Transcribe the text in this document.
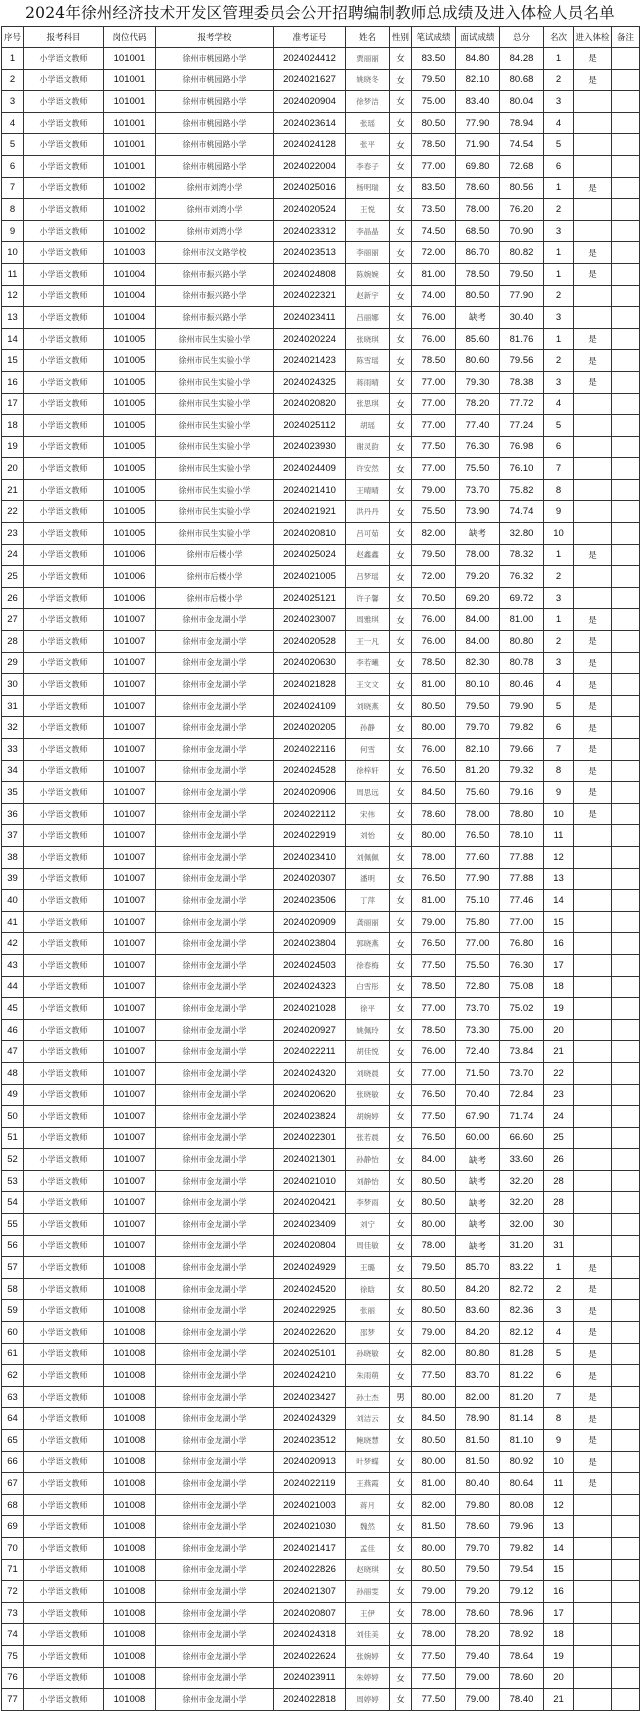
2024年徐州经济技术开发区管理委员会公开招聘编制教师总成绩及进入体检人员名单
序号	报考科目	岗位代码	报考学校	准考证号	姓名	性别	笔试成绩	面试成绩	总分	名次	进入体检	备注
1	小学语文教师	101001	徐州市桃园路小学	2024024412	贾丽丽	女	83.50	84.80	84.28	1	是	
2	小学语文教师	101001	徐州市桃园路小学	2024021627	姚晓冬	女	79.50	82.10	80.68	2	是	
3	小学语文教师	101001	徐州市桃园路小学	2024020904	徐梦洁	女	75.00	83.40	80.04	3		
4	小学语文教师	101001	徐州市桃园路小学	2024023614	张瑶	女	80.50	77.90	78.94	4		
5	小学语文教师	101001	徐州市桃园路小学	2024024128	张平	女	78.50	71.90	74.54	5		
6	小学语文教师	101001	徐州市桃园路小学	2024022004	李春子	女	77.00	69.80	72.68	6		
7	小学语文教师	101002	徐州市刘湾小学	2024025016	杨明瑞	女	83.50	78.60	80.56	1	是	
8	小学语文教师	101002	徐州市刘湾小学	2024020524	王悦	女	73.50	78.00	76.20	2		
9	小学语文教师	101002	徐州市刘湾小学	2024023312	李晶晶	女	74.50	68.50	70.90	3		
10	小学语文教师	101003	徐州市汉文路学校	2024023513	李丽丽	女	72.00	86.70	80.82	1	是	
11	小学语文教师	101004	徐州市振兴路小学	2024024808	陈婉婉	女	81.00	78.50	79.50	1	是	
12	小学语文教师	101004	徐州市振兴路小学	2024022321	赵新宇	女	74.00	80.50	77.90	2		
13	小学语文教师	101004	徐州市振兴路小学	2024023411	吕丽娜	女	76.00	缺考	30.40	3		
14	小学语文教师	101005	徐州市民生实验小学	2024020224	张晓琪	女	76.00	85.60	81.76	1	是	
15	小学语文教师	101005	徐州市民生实验小学	2024021423	陈雪瑶	女	78.50	80.60	79.56	2	是	
16	小学语文教师	101005	徐州市民生实验小学	2024024325	蒋雨晴	女	77.00	79.30	78.38	3	是	
17	小学语文教师	101005	徐州市民生实验小学	2024020820	张思琪	女	77.00	78.20	77.72	4		
18	小学语文教师	101005	徐州市民生实验小学	2024025112	胡瑶	女	77.00	77.40	77.24	5		
19	小学语文教师	101005	徐州市民生实验小学	2024023930	谢灵韵	女	77.50	76.30	76.98	6		
20	小学语文教师	101005	徐州市民生实验小学	2024024409	许安然	女	77.00	75.50	76.10	7		
21	小学语文教师	101005	徐州市民生实验小学	2024021410	王晴晴	女	79.00	73.70	75.82	8		
22	小学语文教师	101005	徐州市民生实验小学	2024021921	洪丹丹	女	75.50	73.90	74.74	9		
23	小学语文教师	101005	徐州市民生实验小学	2024020810	吕可茹	女	82.00	缺考	32.80	10		
24	小学语文教师	101006	徐州市后楼小学	2024025024	赵鑫鑫	女	79.50	78.00	78.32	1	是	
25	小学语文教师	101006	徐州市后楼小学	2024021005	吕梦瑶	女	72.00	79.20	76.32	2		
26	小学语文教师	101006	徐州市后楼小学	2024025121	许子馨	女	70.50	69.20	69.72	3		
27	小学语文教师	101007	徐州市金龙湖小学	2024023007	周雅琪	女	76.00	84.00	81.00	1	是	
28	小学语文教师	101007	徐州市金龙湖小学	2024020528	王一凡	女	76.00	84.00	80.80	2	是	
29	小学语文教师	101007	徐州市金龙湖小学	2024020630	李若曦	女	78.50	82.30	80.78	3	是	
30	小学语文教师	101007	徐州市金龙湖小学	2024021828	王文文	女	81.00	80.10	80.46	4	是	
31	小学语文教师	101007	徐州市金龙湖小学	2024024109	刘晓燕	女	80.50	79.50	79.90	5	是	
32	小学语文教师	101007	徐州市金龙湖小学	2024020205	孙静	女	80.00	79.70	79.82	6	是	
33	小学语文教师	101007	徐州市金龙湖小学	2024022116	何雪	女	76.00	82.10	79.66	7	是	
34	小学语文教师	101007	徐州市金龙湖小学	2024024528	徐梓轩	女	76.50	81.20	79.32	8	是	
35	小学语文教师	101007	徐州市金龙湖小学	2024020906	周思远	女	84.50	75.60	79.16	9	是	
36	小学语文教师	101007	徐州市金龙湖小学	2024022112	宋伟	女	78.60	78.00	78.80	10	是	
37	小学语文教师	101007	徐州市金龙湖小学	2024022919	刘怡	女	80.00	76.50	78.10	11		
38	小学语文教师	101007	徐州市金龙湖小学	2024023410	刘佩佩	女	78.00	77.60	77.88	12		
39	小学语文教师	101007	徐州市金龙湖小学	2024020307	潘明	女	76.50	77.90	77.88	13		
40	小学语文教师	101007	徐州市金龙湖小学	2024023506	丁萍	女	81.00	75.10	77.46	14		
41	小学语文教师	101007	徐州市金龙湖小学	2024020909	龚丽丽	女	79.00	75.80	77.00	15		
42	小学语文教师	101007	徐州市金龙湖小学	2024023804	郭晓燕	女	76.50	77.00	76.80	16		
43	小学语文教师	101007	徐州市金龙湖小学	2024024503	徐春梅	女	77.50	75.50	76.30	17		
44	小学语文教师	101007	徐州市金龙湖小学	2024024323	白雪彤	女	78.50	72.80	75.08	18		
45	小学语文教师	101007	徐州市金龙湖小学	2024021028	徐平	女	77.00	73.70	75.02	19		
46	小学语文教师	101007	徐州市金龙湖小学	2024020927	姚佩玲	女	78.50	73.30	75.00	20		
47	小学语文教师	101007	徐州市金龙湖小学	2024022211	胡佳悦	女	76.00	72.40	73.84	21		
48	小学语文教师	101007	徐州市金龙湖小学	2024024320	刘晓晨	女	77.00	71.50	73.70	22		
49	小学语文教师	101007	徐州市金龙湖小学	2024020620	张晓敏	女	76.50	70.40	72.84	23		
50	小学语文教师	101007	徐州市金龙湖小学	2024023824	胡婉婷	女	77.50	67.90	71.74	24		
51	小学语文教师	101007	徐州市金龙湖小学	2024022301	张若晨	女	76.50	60.00	66.60	25		
52	小学语文教师	101007	徐州市金龙湖小学	2024021301	孙静怡	女	84.00	缺考	33.60	26		
53	小学语文教师	101007	徐州市金龙湖小学	2024021010	刘静怡	女	80.50	缺考	32.20	28		
54	小学语文教师	101007	徐州市金龙湖小学	2024020421	李梦雨	女	80.50	缺考	32.20	28		
55	小学语文教师	101007	徐州市金龙湖小学	2024023409	刘宁	女	80.00	缺考	32.00	30		
56	小学语文教师	101007	徐州市金龙湖小学	2024020804	周佳敏	女	78.00	缺考	31.20	31		
57	小学语文教师	101008	徐州市金龙湖小学	2024024929	王璐	女	79.50	85.70	83.22	1	是	
58	小学语文教师	101008	徐州市金龙湖小学	2024024520	徐晗	女	80.50	84.20	82.72	2	是	
59	小学语文教师	101008	徐州市金龙湖小学	2024022925	张丽	女	80.50	83.60	82.36	3	是	
60	小学语文教师	101008	徐州市金龙湖小学	2024022620	邵梦	女	79.00	84.20	82.12	4	是	
61	小学语文教师	101008	徐州市金龙湖小学	2024025101	孙晓敏	女	82.00	80.80	81.28	5	是	
62	小学语文教师	101008	徐州市金龙湖小学	2024024210	朱雨萌	女	77.50	83.70	81.22	6	是	
63	小学语文教师	101008	徐州市金龙湖小学	2024023427	孙士杰	男	80.00	82.00	81.20	7	是	
64	小学语文教师	101008	徐州市金龙湖小学	2024024329	刘洁云	女	84.50	78.90	81.14	8	是	
65	小学语文教师	101008	徐州市金龙湖小学	2024023512	鲍晓慧	女	80.50	81.50	81.10	9	是	
66	小学语文教师	101008	徐州市金龙湖小学	2024020913	叶梦蝶	女	80.00	81.50	80.92	10	是	
67	小学语文教师	101008	徐州市金龙湖小学	2024022119	王燕霞	女	81.00	80.40	80.64	11	是	
68	小学语文教师	101008	徐州市金龙湖小学	2024021003	蒋月	女	82.00	79.80	80.08	12		
69	小学语文教师	101008	徐州市金龙湖小学	2024021030	魏然	女	81.50	78.60	79.96	13		
70	小学语文教师	101008	徐州市金龙湖小学	2024021417	孟佳	女	80.00	79.70	79.82	14		
71	小学语文教师	101008	徐州市金龙湖小学	2024022826	赵晓琪	女	80.50	79.50	79.54	15		
72	小学语文教师	101008	徐州市金龙湖小学	2024021307	孙丽雯	女	79.00	79.20	79.12	16		
73	小学语文教师	101008	徐州市金龙湖小学	2024020807	王伊	女	78.00	78.60	78.96	17		
74	小学语文教师	101008	徐州市金龙湖小学	2024024318	刘佳美	女	78.00	78.20	78.92	18		
75	小学语文教师	101008	徐州市金龙湖小学	2024022624	张婉婷	女	77.50	79.40	78.64	19		
76	小学语文教师	101008	徐州市金龙湖小学	2024023911	朱婷婷	女	77.50	79.00	78.60	20		
77	小学语文教师	101008	徐州市金龙湖小学	2024022818	周婷婷	女	77.50	79.00	78.40	21		
